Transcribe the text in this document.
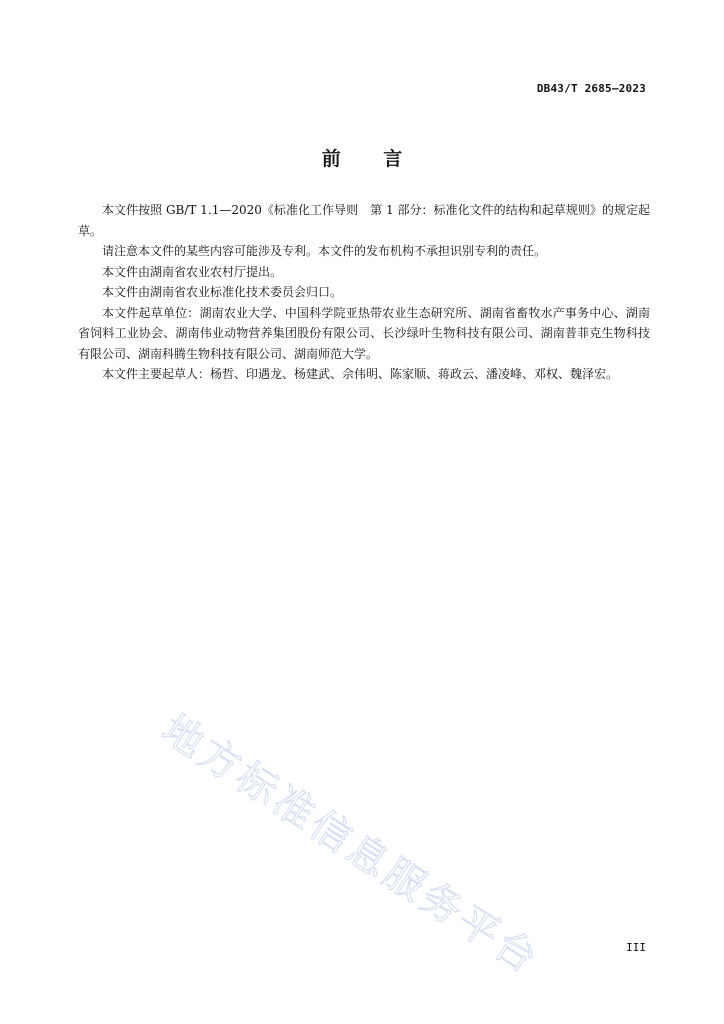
DB43/T 2685—2023
前 言

本文件按照 GB/T 1.1—2020《标准化工作导则　第 1 部分：标准化文件的结构和起草规则》的规定起草。

请注意本文件的某些内容可能涉及专利。本文件的发布机构不承担识别专利的责任。

本文件由湖南省农业农村厅提出。

本文件由湖南省农业标准化技术委员会归口。

本文件起草单位：湖南农业大学、中国科学院亚热带农业生态研究所、湖南省畜牧水产事务中心、湖南省饲料工业协会、湖南伟业动物营养集团股份有限公司、长沙绿叶生物科技有限公司、湖南普菲克生物科技有限公司、湖南科腾生物科技有限公司、湖南师范大学。

本文件主要起草人：杨哲、印遇龙、杨建武、佘伟明、陈家顺、蒋政云、潘凌峰、邓权、魏泽宏。

地方标准信息服务平台	III
